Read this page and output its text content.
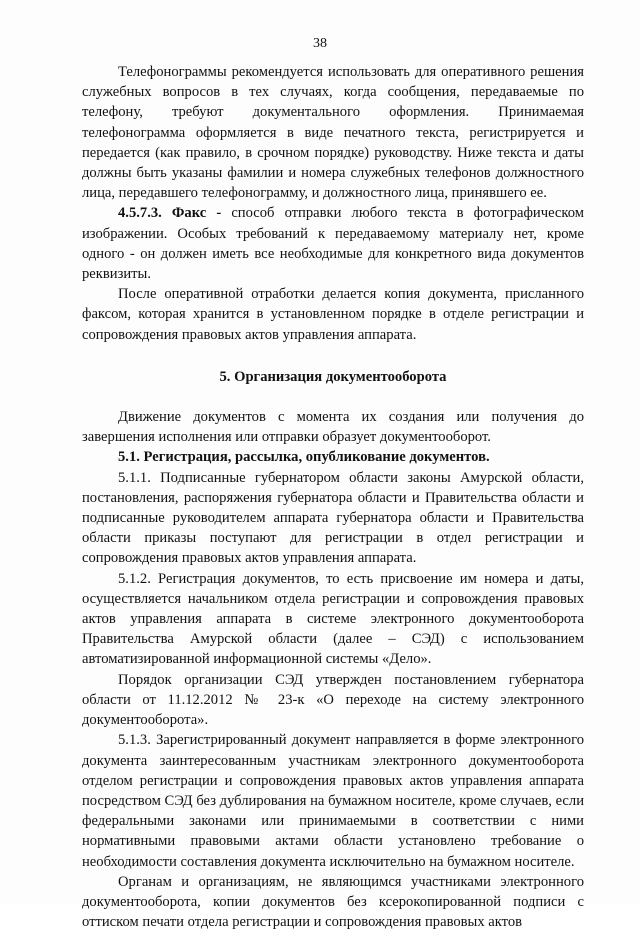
38

Телефонограммы рекомендуется использовать для оперативного решения служебных вопросов в тех случаях, когда сообщения, передаваемые по телефону, требуют документального оформления. Принимаемая телефонограмма оформляется в виде печатного текста, регистрируется и передается (как правило, в срочном порядке) руководству. Ниже текста и даты должны быть указаны фамилии и номера служебных телефонов должностного лица, передавшего телефонограмму, и должностного лица, принявшего ее.

4.5.7.3. Факс - способ отправки любого текста в фотографическом изображении. Особых требований к передаваемому материалу нет, кроме одного - он должен иметь все необходимые для конкретного вида документов реквизиты.

После оперативной отработки делается копия документа, присланного факсом, которая хранится в установленном порядке в отделе регистрации и сопровождения правовых актов управления аппарата.

5. Организация документооборота

Движение документов с момента их создания или получения до завершения исполнения или отправки образует документооборот.

5.1. Регистрация, рассылка, опубликование документов.

5.1.1. Подписанные губернатором области законы Амурской области, постановления, распоряжения губернатора области и Правительства области и подписанные руководителем аппарата губернатора области и Правительства области приказы поступают для регистрации в отдел регистрации и сопровождения правовых актов управления аппарата.

5.1.2. Регистрация документов, то есть присвоение им номера и даты, осуществляется начальником отдела регистрации и сопровождения правовых актов управления аппарата в системе электронного документооборота Правительства Амурской области (далее – СЭД) с использованием автоматизированной информационной системы «Дело».

Порядок организации СЭД утвержден постановлением губернатора области от 11.12.2012 № 23-к «О переходе на систему электронного документооборота».

5.1.3. Зарегистрированный документ направляется в форме электронного документа заинтересованным участникам электронного документооборота отделом регистрации и сопровождения правовых актов управления аппарата посредством СЭД без дублирования на бумажном носителе, кроме случаев, если федеральными законами или принимаемыми в соответствии с ними нормативными правовыми актами области установлено требование о необходимости составления документа исключительно на бумажном носителе.

Органам и организациям, не являющимся участниками электронного документооборота, копии документов без ксерокопированной подписи с оттиском печати отдела регистрации и сопровождения правовых актов
